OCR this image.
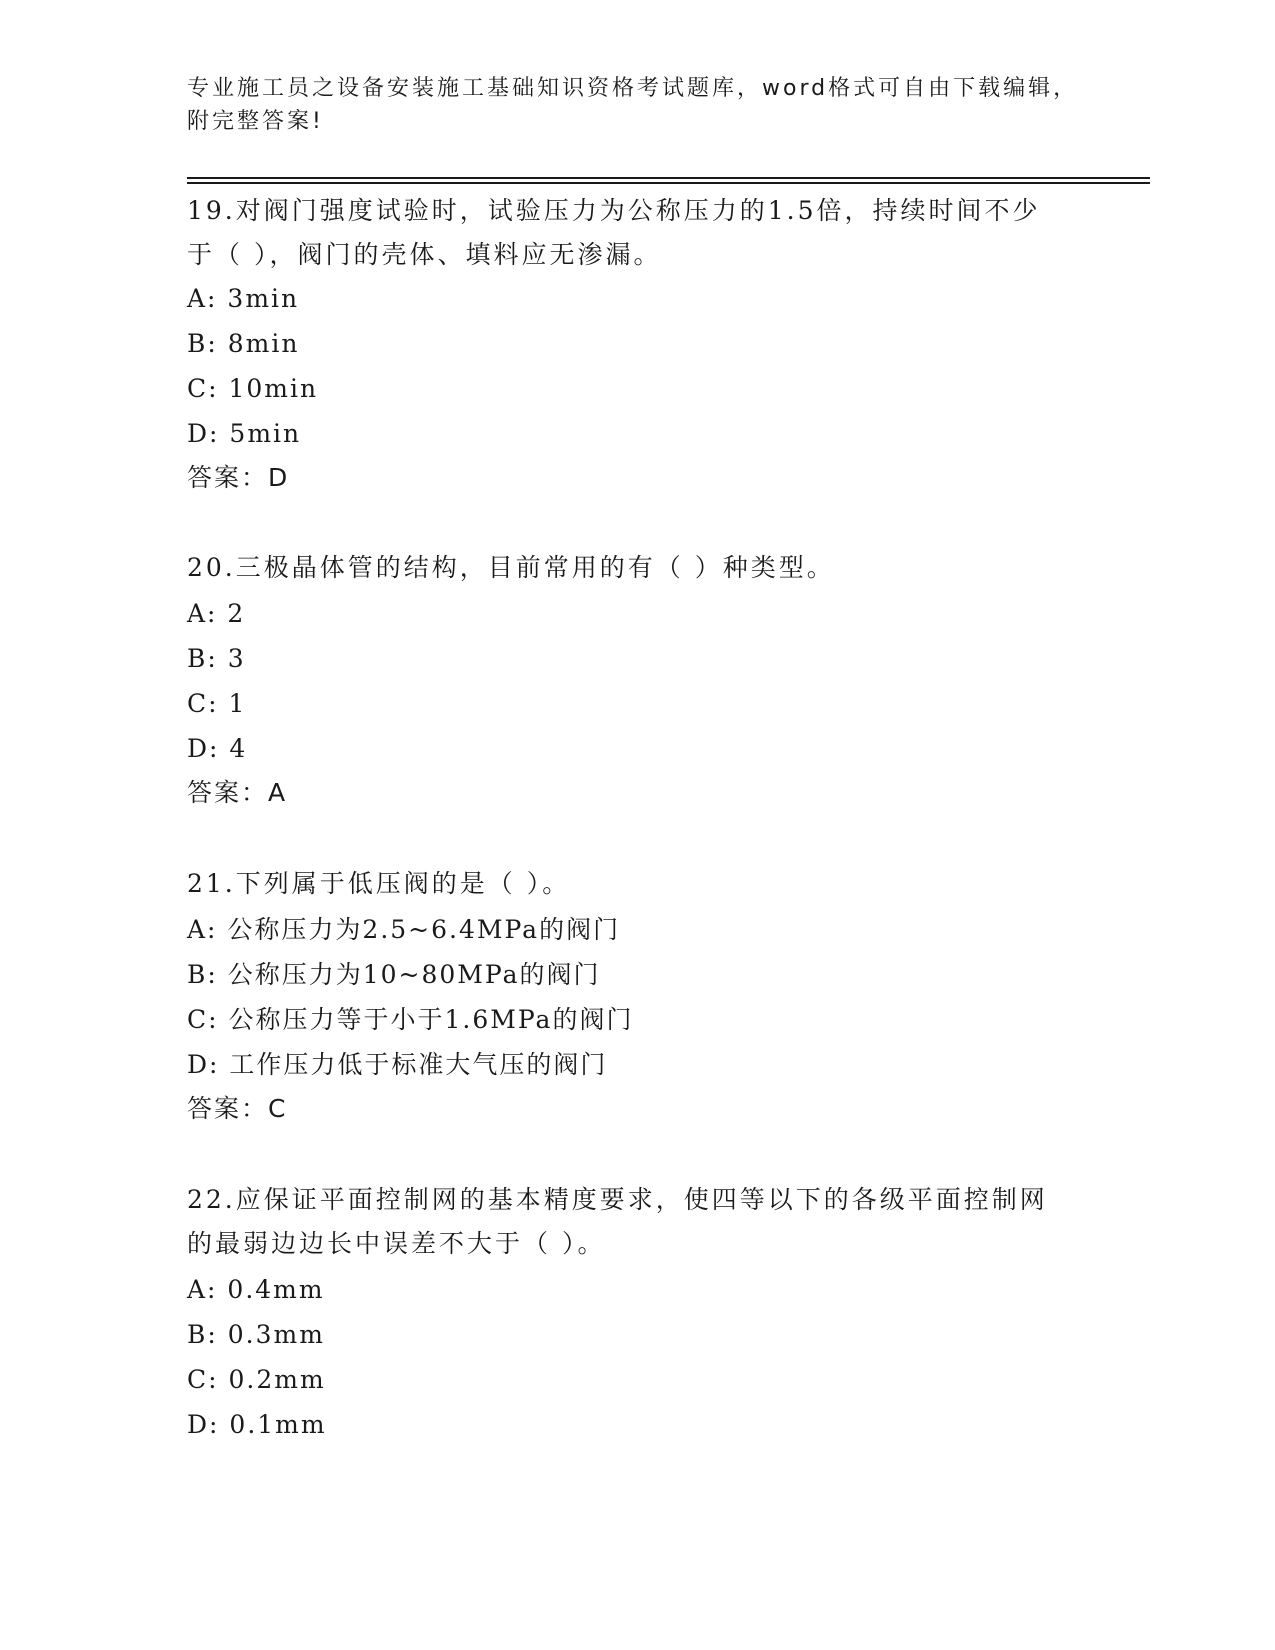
专业施工员之设备安装施工基础知识资格考试题库，word格式可自由下载编辑，
附完整答案!
19.对阀门强度试验时，试验压力为公称压力的1.5倍，持续时间不少
于（ ），阀门的壳体、填料应无渗漏。
A: 3min
B: 8min
C: 10min
D: 5min
答案：D
20.三极晶体管的结构，目前常用的有（ ）种类型。
A: 2
B: 3
C: 1
D: 4
答案：A
21.下列属于低压阀的是（ ）。
A: 公称压力为2.5~6.4MPa的阀门
B: 公称压力为10~80MPa的阀门
C: 公称压力等于小于1.6MPa的阀门
D: 工作压力低于标准大气压的阀门
答案：C
22.应保证平面控制网的基本精度要求，使四等以下的各级平面控制网
的最弱边边长中误差不大于（ ）。
A: 0.4mm
B: 0.3mm
C: 0.2mm
D: 0.1mm
